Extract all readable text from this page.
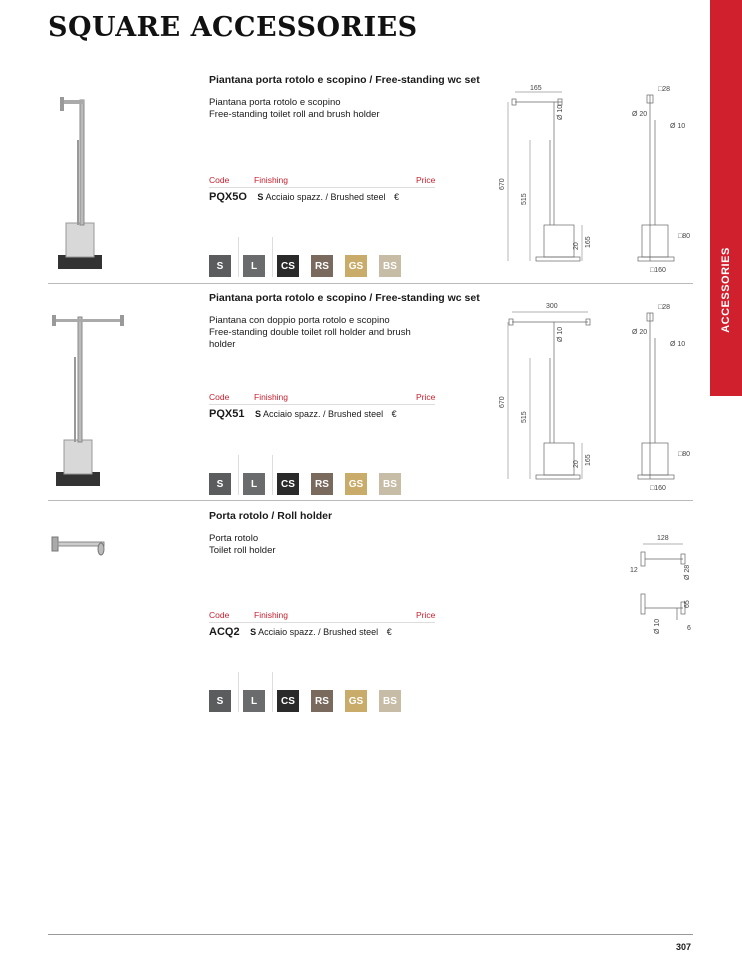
SQUARE ACCESSORIES
ACCESSORIES
Piantana porta rotolo e scopino / Free-standing wc set
Piantana porta rotolo e scopino
Free-standing toilet roll and brush holder
Code	Finishing	Price
PQX5O S Acciaio spazz. / Brushed steel €
S	L	CS	RS	GS	BS
165
Ø 10
670
515
20 165
□28
Ø 20
Ø 10
□80
□160
Piantana porta rotolo e scopino / Free-standing wc set
Piantana con doppio porta rotolo e scopino
Free-standing double toilet roll holder and brush holder
Code	Finishing	Price
PQX51 S Acciaio spazz. / Brushed steel €
S	L	CS	RS	GS	BS
300
Ø 10
670
515
20 165
□28
Ø 20
Ø 10
□80
□160
Porta rotolo / Roll holder
Porta rotolo
Toilet roll holder
Code	Finishing	Price
ACQ2 S Acciaio spazz. / Brushed steel €
S	L	CS	RS	GS	BS
128
12	Ø 28
65
Ø 10	6
307
